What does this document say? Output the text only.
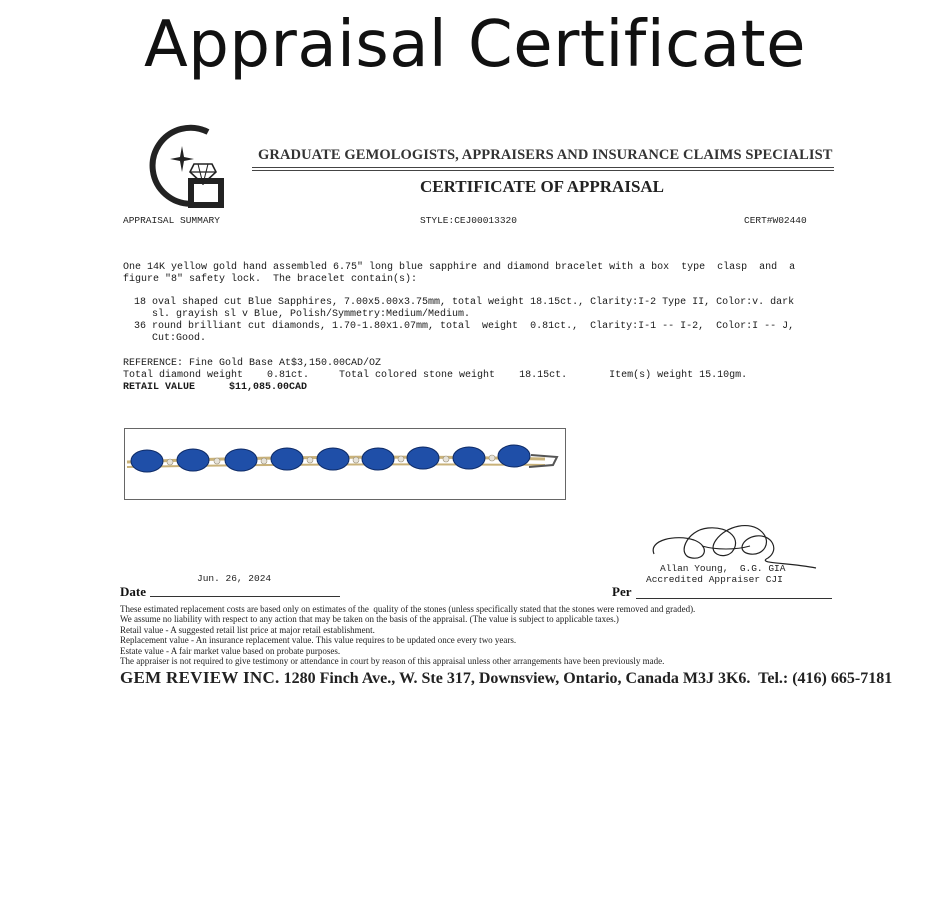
Appraisal Certificate
GRADUATE GEMOLOGISTS, APPRAISERS AND INSURANCE CLAIMS SPECIALIST
CERTIFICATE OF APPRAISAL
APPRAISAL SUMMARY	STYLE:CEJ00013320	CERT#W02440
One 14K yellow gold hand assembled 6.75" long blue sapphire and diamond bracelet with a box  type  clasp  and  a
figure "8" safety lock.  The bracelet contain(s):
18 oval shaped cut Blue Sapphires, 7.00x5.00x3.75mm, total weight 18.15ct., Clarity:I-2 Type II, Color:v. dark
sl. grayish sl v Blue, Polish/Symmetry:Medium/Medium.
36 round brilliant cut diamonds, 1.70-1.80x1.07mm, total  weight  0.81ct.,  Clarity:I-1 -- I-2,  Color:I -- J,
Cut:Good.
REFERENCE: Fine Gold Base At$3,150.00CAD/OZ
Total diamond weight    0.81ct.     Total colored stone weight    18.15ct.       Item(s) weight 15.10gm.
RETAIL VALUE	$11,085.00CAD
Allan Young,  G.G. GIA
Accredited Appraiser CJI
Jun. 26, 2024
Date	Per
These estimated replacement costs are based only on estimates of the  quality of the stones (unless specifically stated that the stones were removed and graded).
We assume no liability with respect to any action that may be taken on the basis of the appraisal. (The value is subject to applicable taxes.)
Retail value - A suggested retail list price at major retail establishment.
Replacement value - An insurance replacement value. This value requires to be updated once every two years.
Estate value - A fair market value based on probate purposes.
The appraiser is not required to give testimony or attendance in court by reason of this appraisal unless other arrangements have been previously made.
GEM REVIEW INC. 1280 Finch Ave., W. Ste 317, Downsview, Ontario, Canada M3J 3K6.  Tel.: (416) 665-7181
